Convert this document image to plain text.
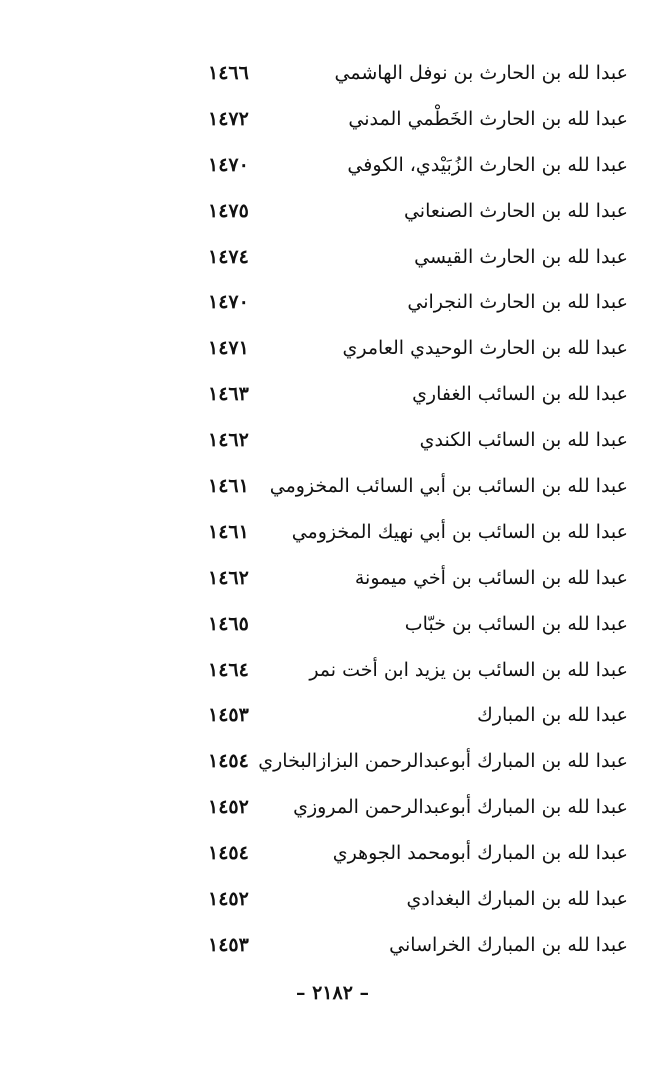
عبدا لله بن الحارث بن نوفل الهاشمي
١٤٦٦
عبدا لله بن الحارث الخَطْمي المدني
١٤٧٢
عبدا لله بن الحارث الزُبَيْدي، الكوفي
١٤٧٠
عبدا لله بن الحارث الصنعاني
١٤٧٥
عبدا لله بن الحارث القيسي
١٤٧٤
عبدا لله بن الحارث النجراني
١٤٧٠
عبدا لله بن الحارث الوحيدي العامري
١٤٧١
عبدا لله بن السائب الغفاري
١٤٦٣
عبدا لله بن السائب الكندي
١٤٦٢
عبدا لله بن السائب بن أبي السائب المخزومي
١٤٦١
عبدا لله بن السائب بن أبي نهيك المخزومي
١٤٦١
عبدا لله بن السائب بن أخي ميمونة
١٤٦٢
عبدا لله بن السائب بن خبّاب
١٤٦٥
عبدا لله بن السائب بن يزيد ابن أخت نمر
١٤٦٤
عبدا لله بن المبارك
١٤٥٣
عبدا لله بن المبارك أبوعبدالرحمن البزازالبخاري
١٤٥٤
عبدا لله بن المبارك أبوعبدالرحمن المروزي
١٤٥٢
عبدا لله بن المبارك أبومحمد الجوهري
١٤٥٤
عبدا لله بن المبارك البغدادي
١٤٥٢
عبدا لله بن المبارك الخراساني
١٤٥٣
– ٢١٨٢ –
